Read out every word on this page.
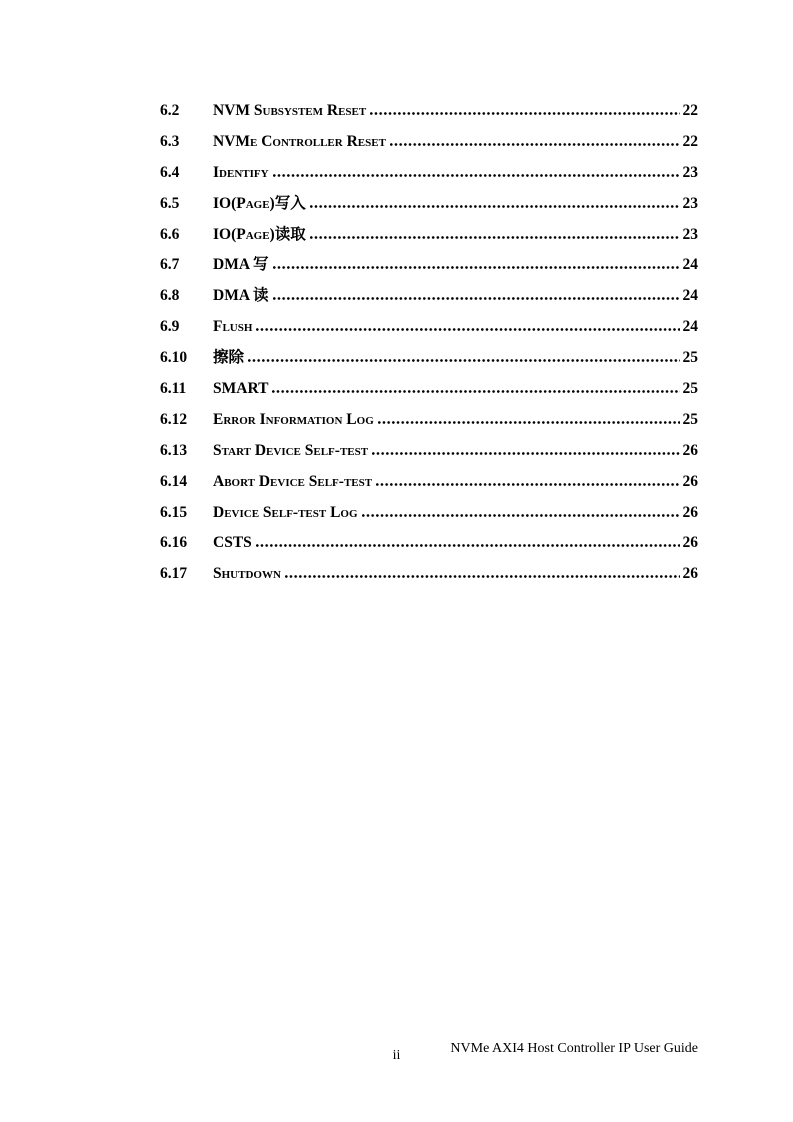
6.2	NVM Subsystem Reset	22
6.3	NVMe Controller Reset	22
6.4	Identify	23
6.5	IO(Page)写入	23
6.6	IO(Page)读取	23
6.7	DMA 写	24
6.8	DMA 读	24
6.9	Flush	24
6.10	擦除	25
6.11	SMART	25
6.12	Error Information Log	25
6.13	Start Device Self-test	26
6.14	Abort Device Self-test	26
6.15	Device Self-test Log	26
6.16	CSTS	26
6.17	Shutdown	26
NVMe AXI4 Host Controller IP User Guide
ii
